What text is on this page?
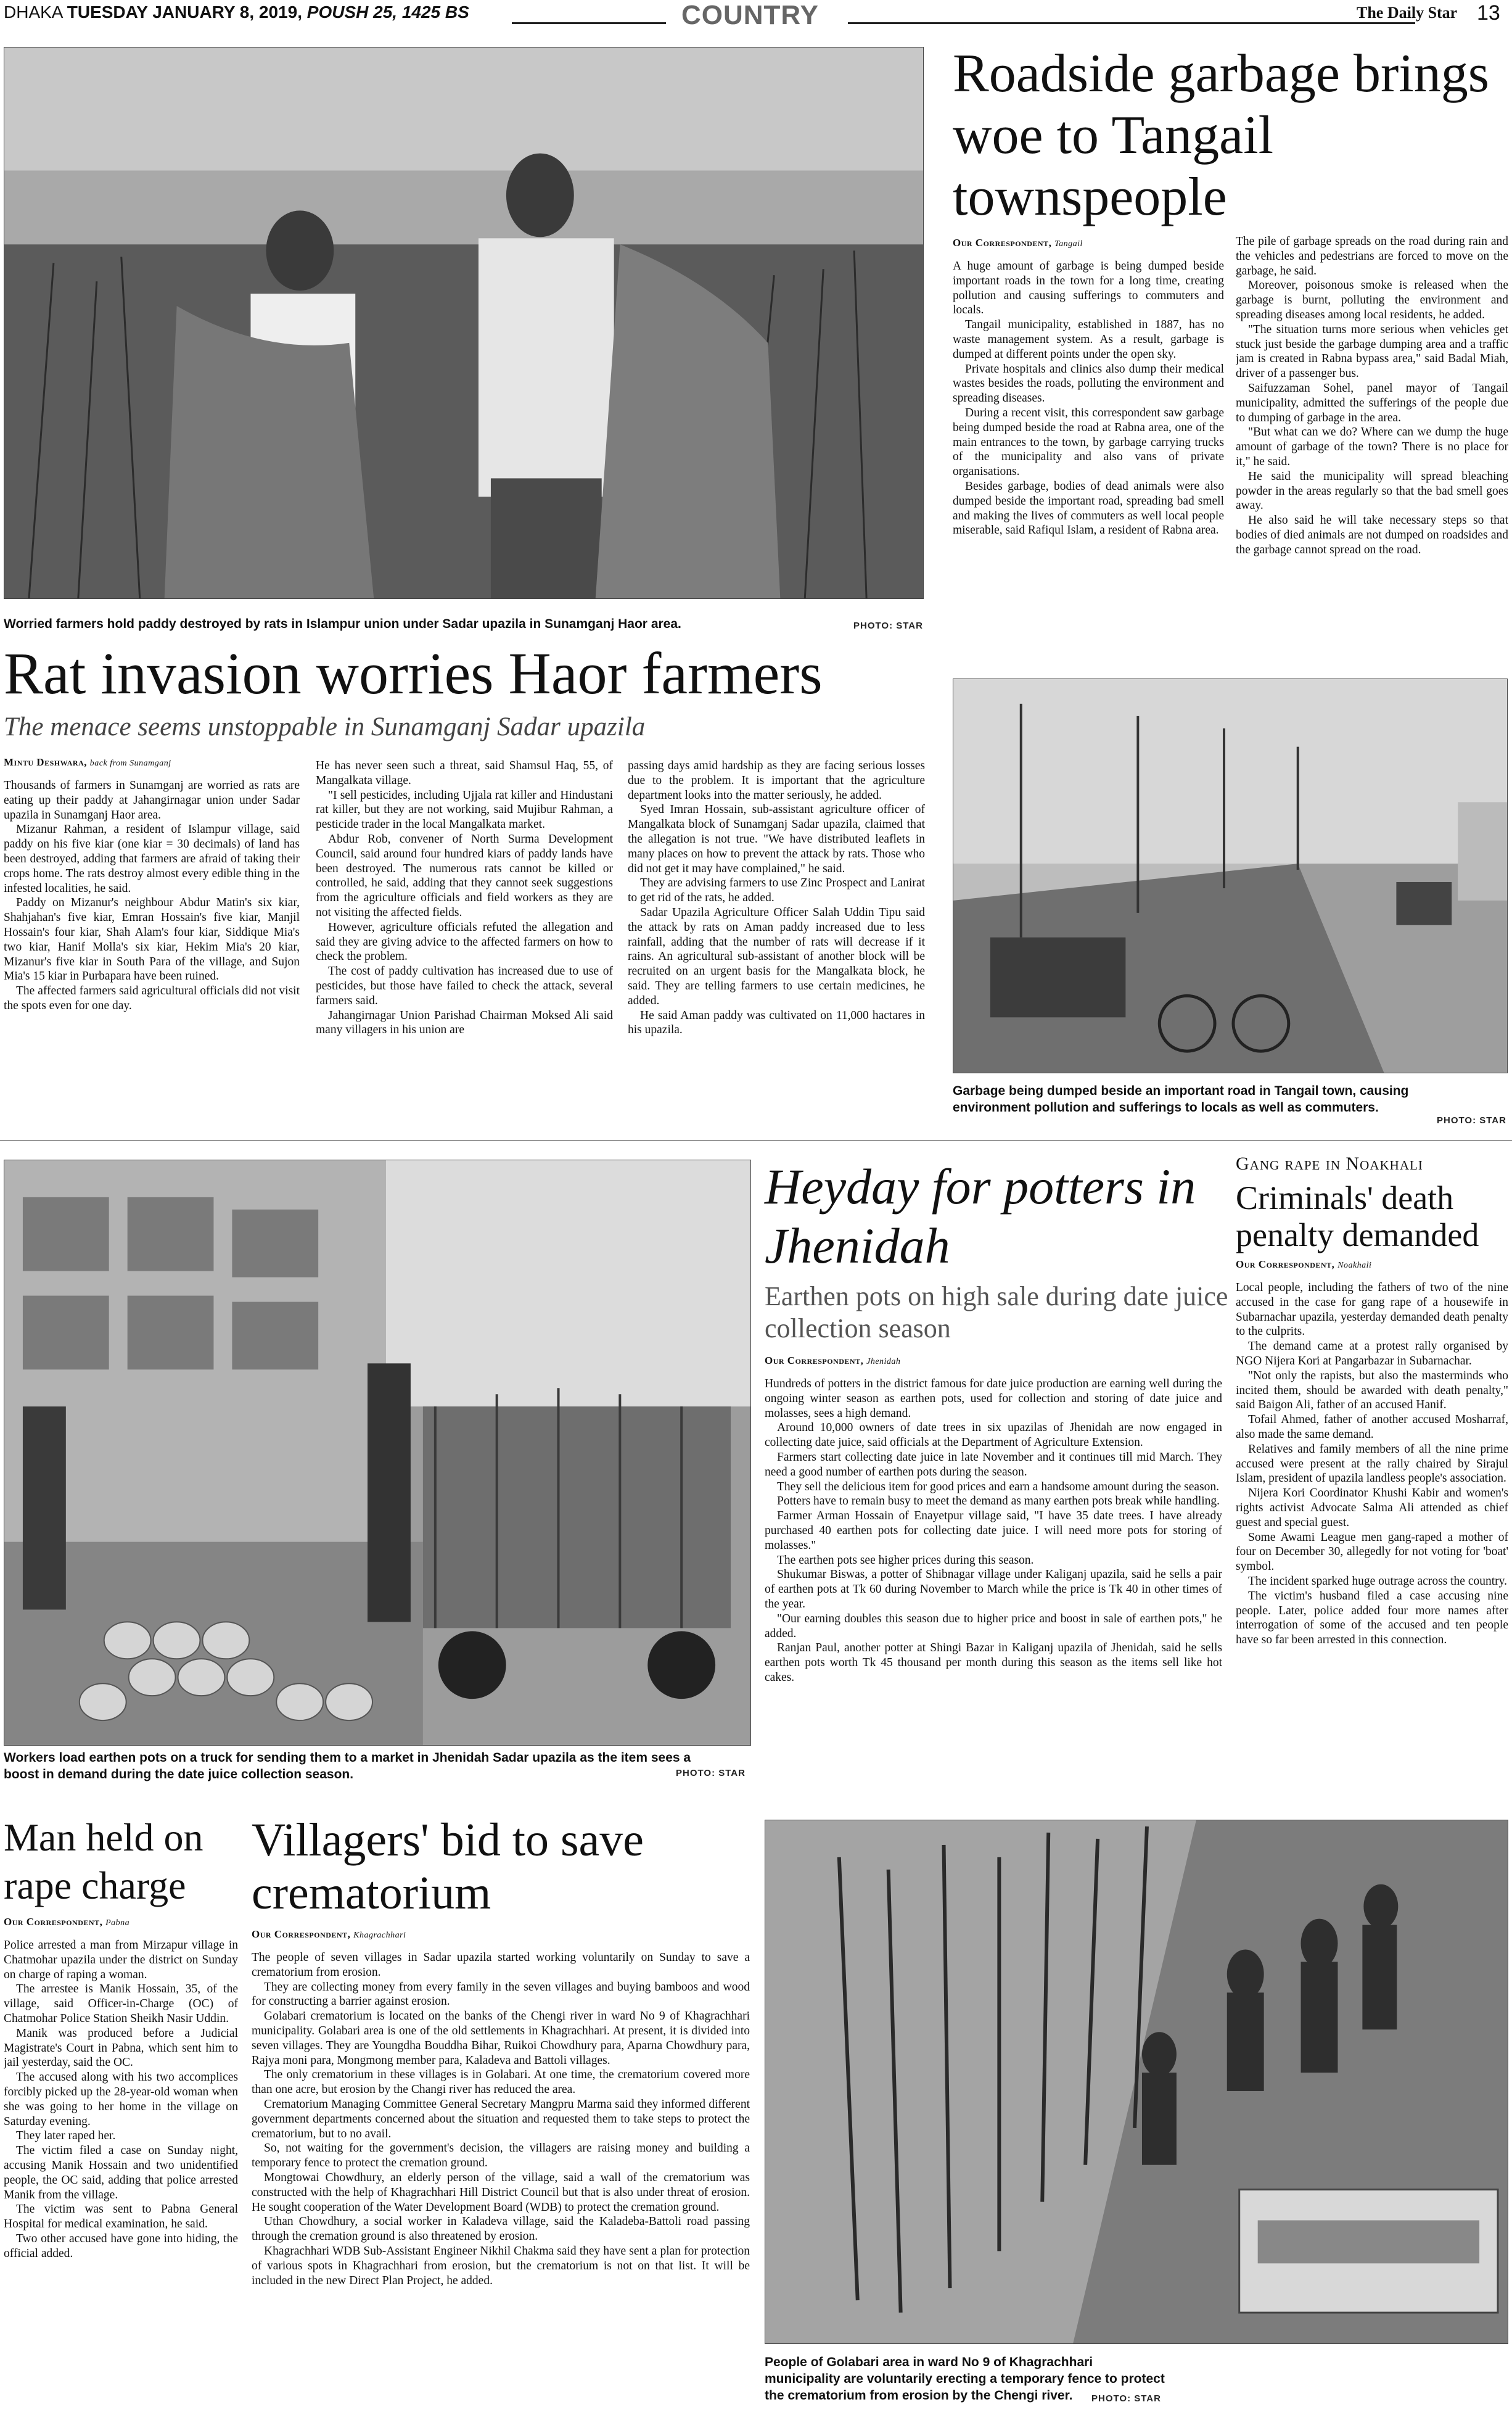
DHAKA TUESDAY JANUARY 8, 2019, POUSH 25, 1425 BS	COUNTRY	The Daily Star 13
Worried farmers hold paddy destroyed by rats in Islampur union under Sadar upazila in Sunamganj Haor area.	PHOTO: STAR
Rat invasion worries Haor farmers
The menace seems unstoppable in Sunamganj Sadar upazila
Mintu Deshwara, back from Sunamganj

Thousands of farmers in Sunamganj are worried as rats are eating up their paddy at Jahangirnagar union under Sadar upazila in Sunamganj Haor area.

Mizanur Rahman, a resident of Islampur village, said paddy on his five kiar (one kiar = 30 decimals) of land has been destroyed, adding that farmers are afraid of taking their crops home. The rats destroy almost every edible thing in the infested localities, he said.

Paddy on Mizanur's neighbour Abdur Matin's six kiar, Shahjahan's five kiar, Emran Hossain's five kiar, Manjil Hossain's four kiar, Shah Alam's four kiar, Siddique Mia's two kiar, Hanif Molla's six kiar, Hekim Mia's 20 kiar, Mizanur's five kiar in South Para of the village, and Sujon Mia's 15 kiar in Purbapara have been ruined.

The affected farmers said agricultural officials did not visit the spots even for one day.

He has never seen such a threat, said Shamsul Haq, 55, of Mangalkata village.

"I sell pesticides, including Ujjala rat killer and Hindustani rat killer, but they are not working, said Mujibur Rahman, a pesticide trader in the local Mangalkata market.

Abdur Rob, convener of North Surma Development Council, said around four hundred kiars of paddy lands have been destroyed. The numerous rats cannot be killed or controlled, he said, adding that they cannot seek suggestions from the agriculture officials and field workers as they are not visiting the affected fields.

However, agriculture officials refuted the allegation and said they are giving advice to the affected farmers on how to check the problem.

The cost of paddy cultivation has increased due to use of pesticides, but those have failed to check the attack, several farmers said.

Jahangirnagar Union Parishad Chairman Moksed Ali said many villagers in his union are

passing days amid hardship as they are facing serious losses due to the problem. It is important that the agriculture department looks into the matter seriously, he added.

Syed Imran Hossain, sub-assistant agriculture officer of Mangalkata block of Sunamganj Sadar upazila, claimed that the allegation is not true. "We have distributed leaflets in many places on how to prevent the attack by rats. Those who did not get it may have complained," he said.

They are advising farmers to use Zinc Prospect and Lanirat to get rid of the rats, he added.

Sadar Upazila Agriculture Officer Salah Uddin Tipu said the attack by rats on Aman paddy increased due to less rainfall, adding that the number of rats will decrease if it rains. An agricultural sub-assistant of another block will be recruited on an urgent basis for the Mangalkata block, he said. They are telling farmers to use certain medicines, he added.

He said Aman paddy was cultivated on 11,000 hactares in his upazila.

Roadside garbage brings woe to Tangail townspeople
Our Correspondent, Tangail

A huge amount of garbage is being dumped beside important roads in the town for a long time, creating pollution and causing sufferings to commuters and locals.

Tangail municipality, established in 1887, has no waste management system. As a result, garbage is dumped at different points under the open sky.

Private hospitals and clinics also dump their medical wastes besides the roads, polluting the environment and spreading diseases.

During a recent visit, this correspondent saw garbage being dumped beside the road at Rabna area, one of the main entrances to the town, by garbage carrying trucks of the municipality and also vans of private organisations.

Besides garbage, bodies of dead animals were also dumped beside the important road, spreading bad smell and making the lives of commuters as well local people miserable, said Rafiqul Islam, a resident of Rabna area.

The pile of garbage spreads on the road during rain and the vehicles and pedestrians are forced to move on the garbage, he said.

Moreover, poisonous smoke is released when the garbage is burnt, polluting the environment and spreading diseases among local residents, he added.

"The situation turns more serious when vehicles get stuck just beside the garbage dumping area and a traffic jam is created in Rabna bypass area," said Badal Miah, driver of a passenger bus.

Saifuzzaman Sohel, panel mayor of Tangail municipality, admitted the sufferings of the people due to dumping of garbage in the area.

"But what can we do? Where can we dump the huge amount of garbage of the town? There is no place for it," he said.

He said the municipality will spread bleaching powder in the areas regularly so that the bad smell goes away.

He also said he will take necessary steps so that bodies of died animals are not dumped on roadsides and the garbage cannot spread on the road.

Garbage being dumped beside an important road in Tangail town, causing environment pollution and sufferings to locals as well as commuters.
PHOTO: STAR
Workers load earthen pots on a truck for sending them to a market in Jhenidah Sadar upazila as the item sees a boost in demand during the date juice collection season.	PHOTO: STAR
Heyday for potters in Jhenidah
Earthen pots on high sale during date juice collection season
Our Correspondent, Jhenidah

Hundreds of potters in the district famous for date juice production are earning well during the ongoing winter season as earthen pots, used for collection and storing of date juice and molasses, sees a high demand.

Around 10,000 owners of date trees in six upazilas of Jhenidah are now engaged in collecting date juice, said officials at the Department of Agriculture Extension.

Farmers start collecting date juice in late November and it continues till mid March. They need a good number of earthen pots during the season.

They sell the delicious item for good prices and earn a handsome amount during the season.

Potters have to remain busy to meet the demand as many earthen pots break while handling.

Farmer Arman Hossain of Enayetpur village said, "I have 35 date trees. I have already purchased 40 earthen pots for collecting date juice. I will need more pots for storing of molasses."

The earthen pots see higher prices during this season.

Shukumar Biswas, a potter of Shibnagar village under Kaliganj upazila, said he sells a pair of earthen pots at Tk 60 during November to March while the price is Tk 40 in other times of the year.

"Our earning doubles this season due to higher price and boost in sale of earthen pots," he added.

Ranjan Paul, another potter at Shingi Bazar in Kaliganj upazila of Jhenidah, said he sells earthen pots worth Tk 45 thousand per month during this season as the items sell like hot cakes.

Gang rape in Noakhali
Criminals' death penalty demanded
Our Correspondent, Noakhali

Local people, including the fathers of two of the nine accused in the case for gang rape of a housewife in Subarnachar upazila, yesterday demanded death penalty to the culprits.

The demand came at a protest rally organised by NGO Nijera Kori at Pangarbazar in Subarnachar.

"Not only the rapists, but also the masterminds who incited them, should be awarded with death penalty," said Baigon Ali, father of an accused Hanif.

Tofail Ahmed, father of another accused Mosharraf, also made the same demand.

Relatives and family members of all the nine prime accused were present at the rally chaired by Sirajul Islam, president of upazila landless people's association.

Nijera Kori Coordinator Khushi Kabir and women's rights activist Advocate Salma Ali attended as chief guest and special guest.

Some Awami League men gang-raped a mother of four on December 30, allegedly for not voting for 'boat' symbol.

The incident sparked huge outrage across the country.

The victim's husband filed a case accusing nine people. Later, police added four more names after interrogation of some of the accused and ten people have so far been arrested in this connection.

Man held on rape charge
Our Correspondent, Pabna

Police arrested a man from Mirzapur village in Chatmohar upazila under the district on Sunday on charge of raping a woman.

The arrestee is Manik Hossain, 35, of the village, said Officer-in-Charge (OC) of Chatmohar Police Station Sheikh Nasir Uddin.

Manik was produced before a Judicial Magistrate's Court in Pabna, which sent him to jail yesterday, said the OC.

The accused along with his two accomplices forcibly picked up the 28-year-old woman when she was going to her home in the village on Saturday evening.

They later raped her.

The victim filed a case on Sunday night, accusing Manik Hossain and two unidentified people, the OC said, adding that police arrested Manik from the village.

The victim was sent to Pabna General Hospital for medical examination, he said.

Two other accused have gone into hiding, the official added.

Villagers' bid to save crematorium
Our Correspondent, Khagrachhari

The people of seven villages in Sadar upazila started working voluntarily on Sunday to save a crematorium from erosion.

They are collecting money from every family in the seven villages and buying bamboos and wood for constructing a barrier against erosion.

Golabari crematorium is located on the banks of the Chengi river in ward No 9 of Khagrachhari municipality. Golabari area is one of the old settlements in Khagrachhari. At present, it is divided into seven villages. They are Youngdha Bouddha Bihar, Ruikoi Chowdhury para, Aparna Chowdhury para, Rajya moni para, Mongmong member para, Kaladeva and Battoli villages.

The only crematorium in these villages is in Golabari. At one time, the crematorium covered more than one acre, but erosion by the Changi river has reduced the area.

Crematorium Managing Committee General Secretary Mangpru Marma said they informed different government departments concerned about the situation and requested them to take steps to protect the crematorium, but to no avail.

So, not waiting for the government's decision, the villagers are raising money and building a temporary fence to protect the cremation ground.

Mongtowai Chowdhury, an elderly person of the village, said a wall of the crematorium was constructed with the help of Khagrachhari Hill District Council but that is also under threat of erosion. He sought cooperation of the Water Development Board (WDB) to protect the cremation ground.

Uthan Chowdhury, a social worker in Kaladeva village, said the Kaladeba-Battoli road passing through the cremation ground is also threatened by erosion.

Khagrachhari WDB Sub-Assistant Engineer Nikhil Chakma said they have sent a plan for protection of various spots in Khagrachhari from erosion, but the crematorium is not on that list. It will be included in the new Direct Plan Project, he added.

People of Golabari area in ward No 9 of Khagrachhari municipality are voluntarily erecting a temporary fence to protect the crematorium from erosion by the Chengi river.	PHOTO: STAR
